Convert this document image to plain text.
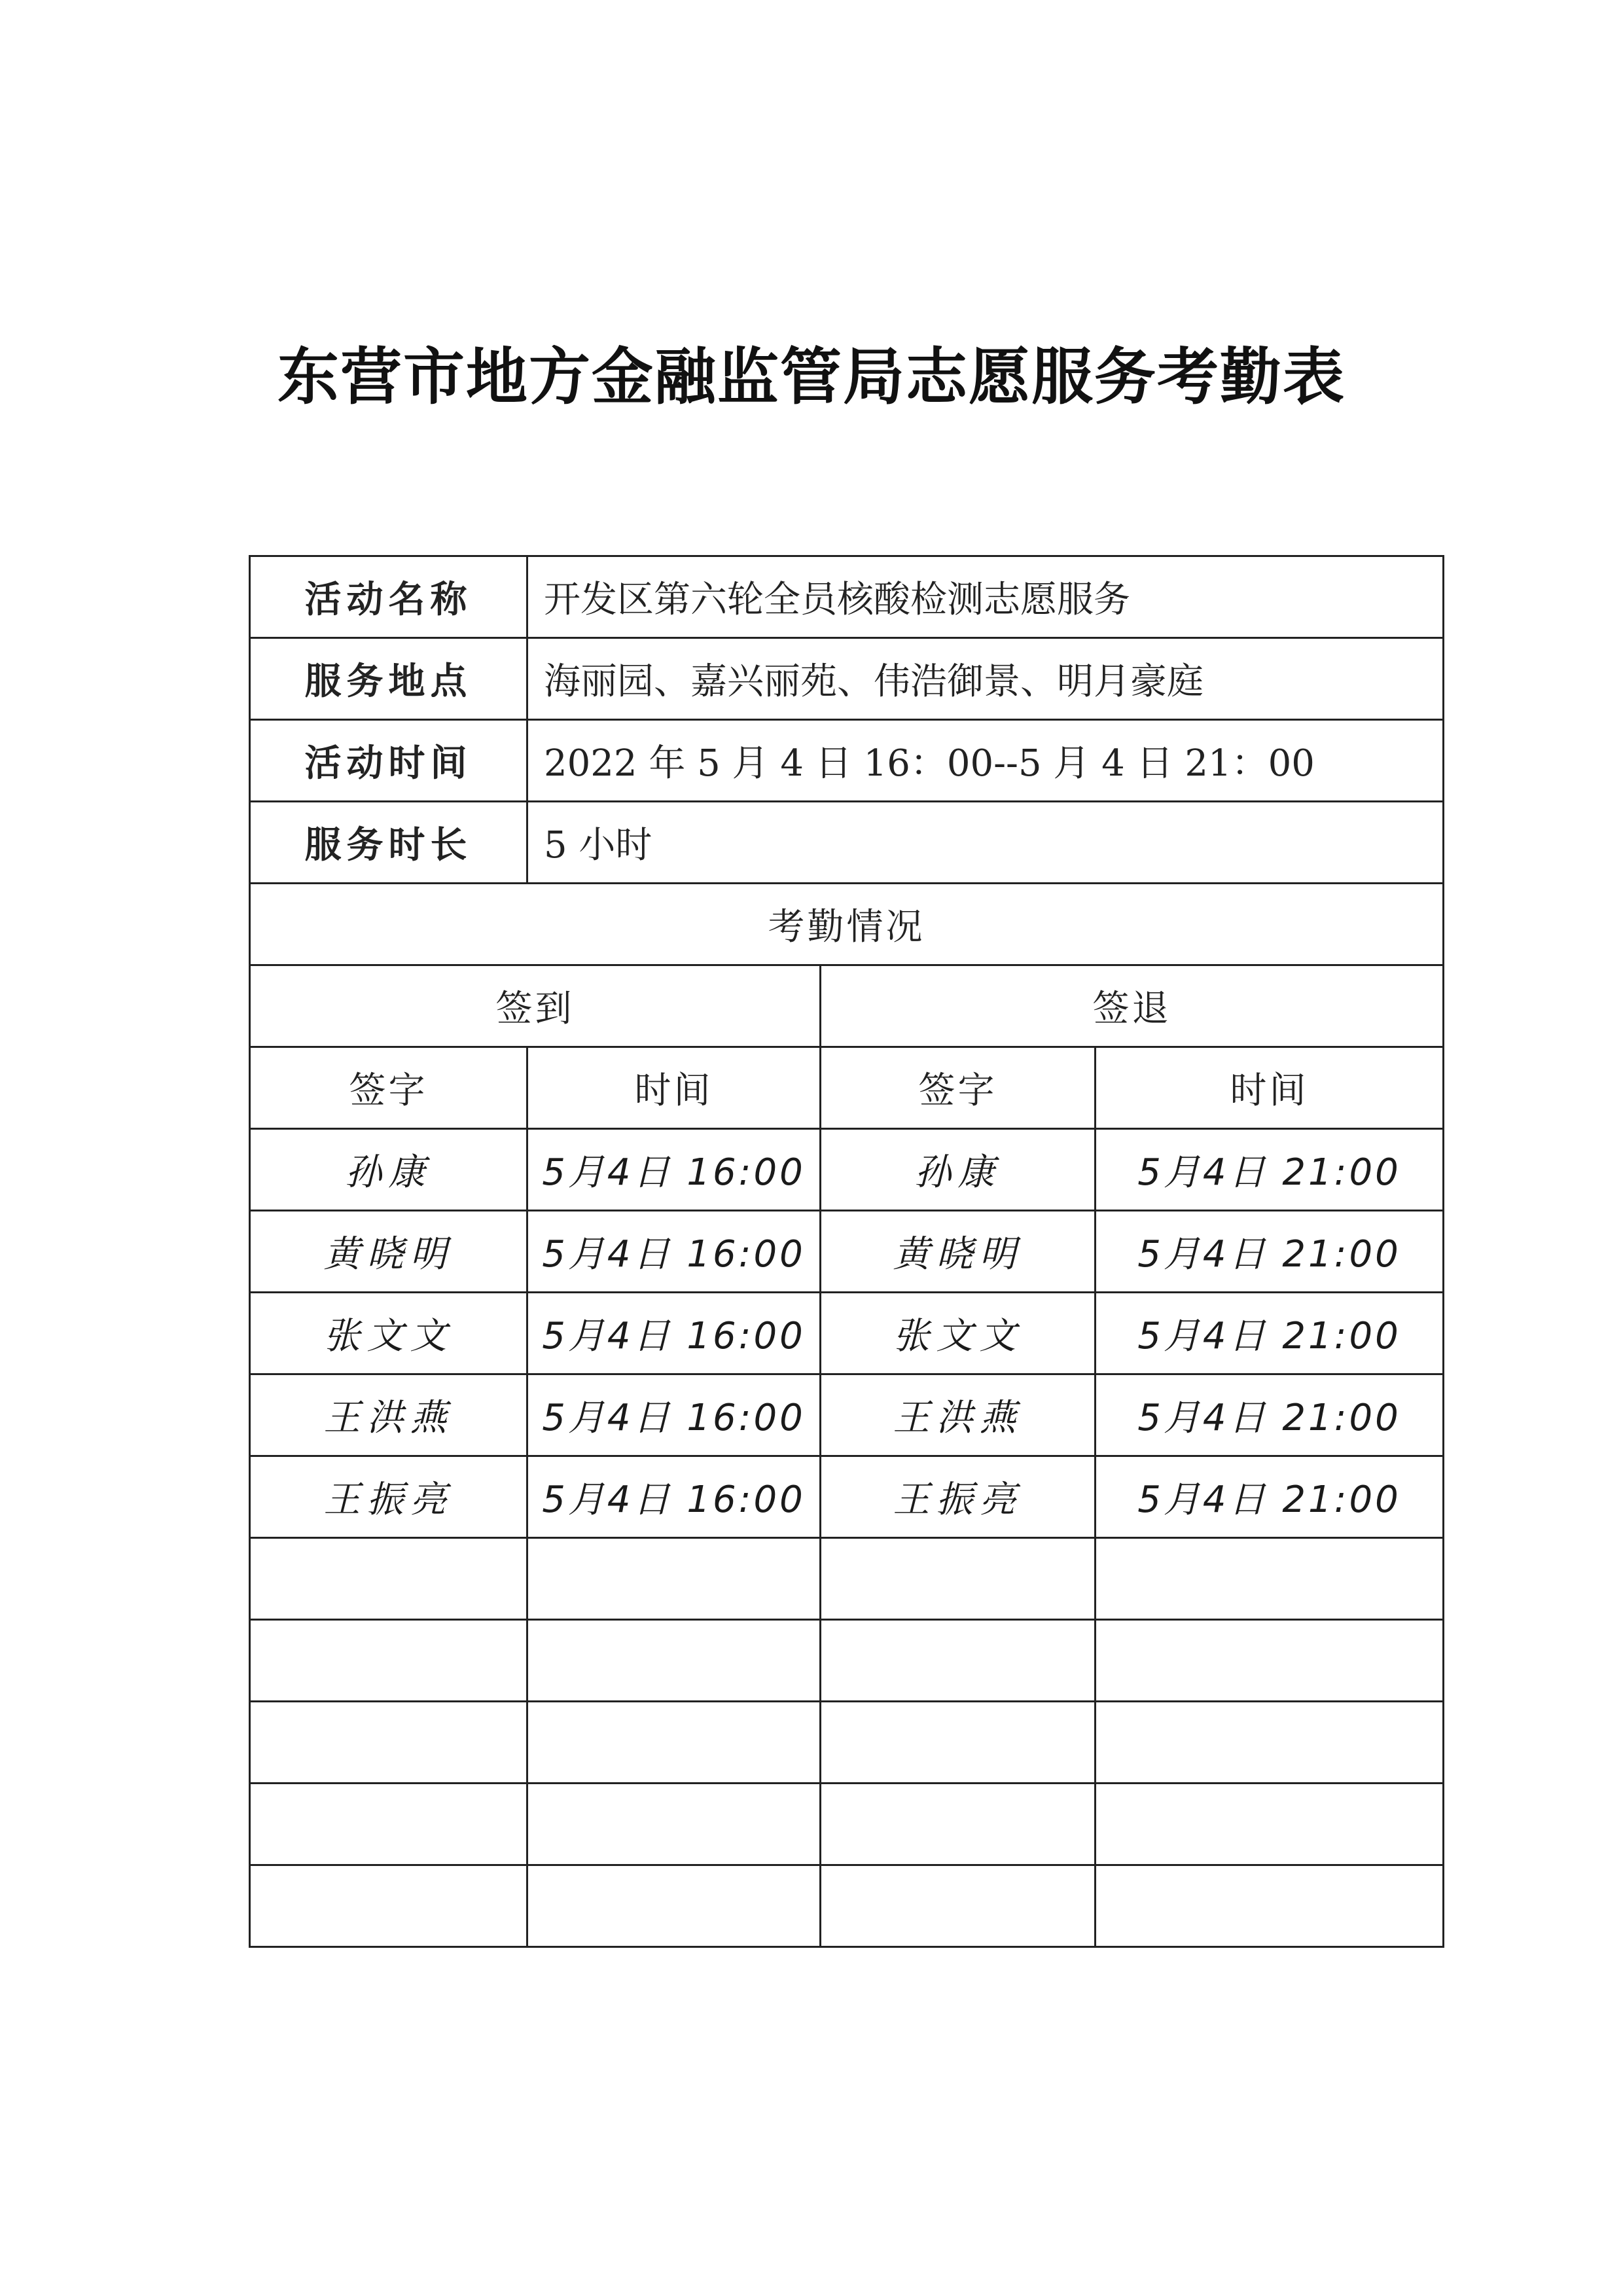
东营市地方金融监管局志愿服务考勤表
活动名称	开发区第六轮全员核酸检测志愿服务		
服务地点	海丽园、嘉兴丽苑、伟浩御景、明月豪庭		
活动时间	2022 年 5 月 4 日 16：00--5 月 4 日 21：00		
服务时长	5 小时		
考勤情况			
签到		签退	
签字	时间	签字	时间
孙康	5月4日 16:00	孙康	5月4日 21:00
黄晓明	5月4日 16:00	黄晓明	5月4日 21:00
张文文	5月4日 16:00	张文文	5月4日 21:00
王洪燕	5月4日 16:00	王洪燕	5月4日 21:00
王振亮	5月4日 16:00	王振亮	5月4日 21:00
